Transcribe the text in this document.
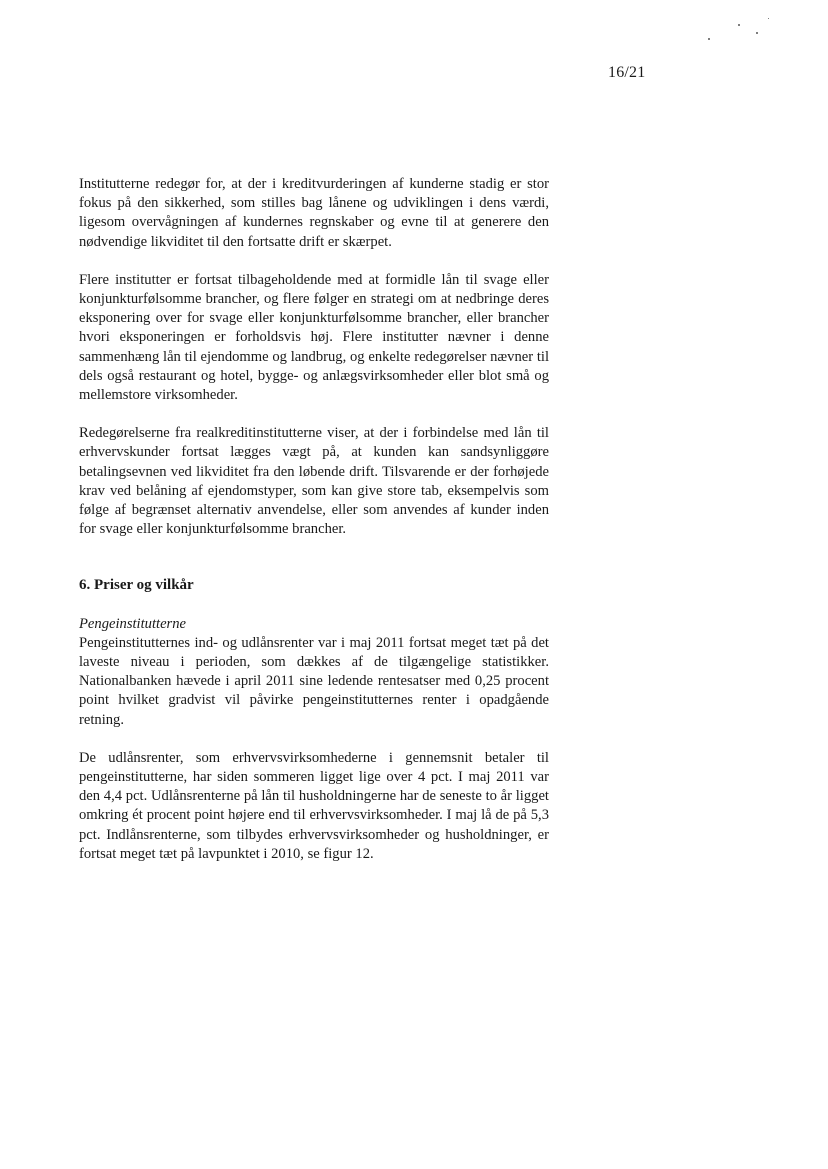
16/21

Institutterne redegør for, at der i kreditvurderingen af kunderne stadig er stor fokus på den sikkerhed, som stilles bag lånene og udviklingen i dens værdi, ligesom overvågningen af kundernes regnskaber og evne til at generere den nødvendige likviditet til den fortsatte drift er skærpet.

Flere institutter er fortsat tilbageholdende med at formidle lån til svage eller konjunkturfølsomme brancher, og flere følger en strategi om at nedbringe deres eksponering over for svage eller konjunkturfølsomme brancher, eller brancher hvori eksponeringen er forholdsvis høj. Flere institutter nævner i denne sammenhæng lån til ejendomme og landbrug, og enkelte redegørelser nævner til dels også restaurant og hotel, bygge- og anlægsvirksomheder eller blot små og mellemstore virksomheder.

Redegørelserne fra realkreditinstitutterne viser, at der i forbindelse med lån til erhvervskunder fortsat lægges vægt på, at kunden kan sandsynliggøre betalingsevnen ved likviditet fra den løbende drift. Tilsvarende er der forhøjede krav ved belåning af ejendomstyper, som kan give store tab, eksempelvis som følge af begrænset alternativ anvendelse, eller som anvendes af kunder inden for svage eller konjunkturfølsomme brancher.

6. Priser og vilkår

Pengeinstitutterne

Pengeinstitutternes ind- og udlånsrenter var i maj 2011 fortsat meget tæt på det laveste niveau i perioden, som dækkes af de tilgængelige statistikker. Nationalbanken hævede i april 2011 sine ledende rentesatser med 0,25 procent point hvilket gradvist vil påvirke pengeinstitutternes renter i opadgående retning.

De udlånsrenter, som erhvervsvirksomhederne i gennemsnit betaler til pengeinstitutterne, har siden sommeren ligget lige over 4 pct. I maj 2011 var den 4,4 pct. Udlånsrenterne på lån til husholdningerne har de seneste to år ligget omkring ét procent point højere end til erhvervsvirksomheder. I maj lå de på 5,3 pct. Indlånsrenterne, som tilbydes erhvervsvirksomheder og husholdninger, er fortsat meget tæt på lavpunktet i 2010, se figur 12.
